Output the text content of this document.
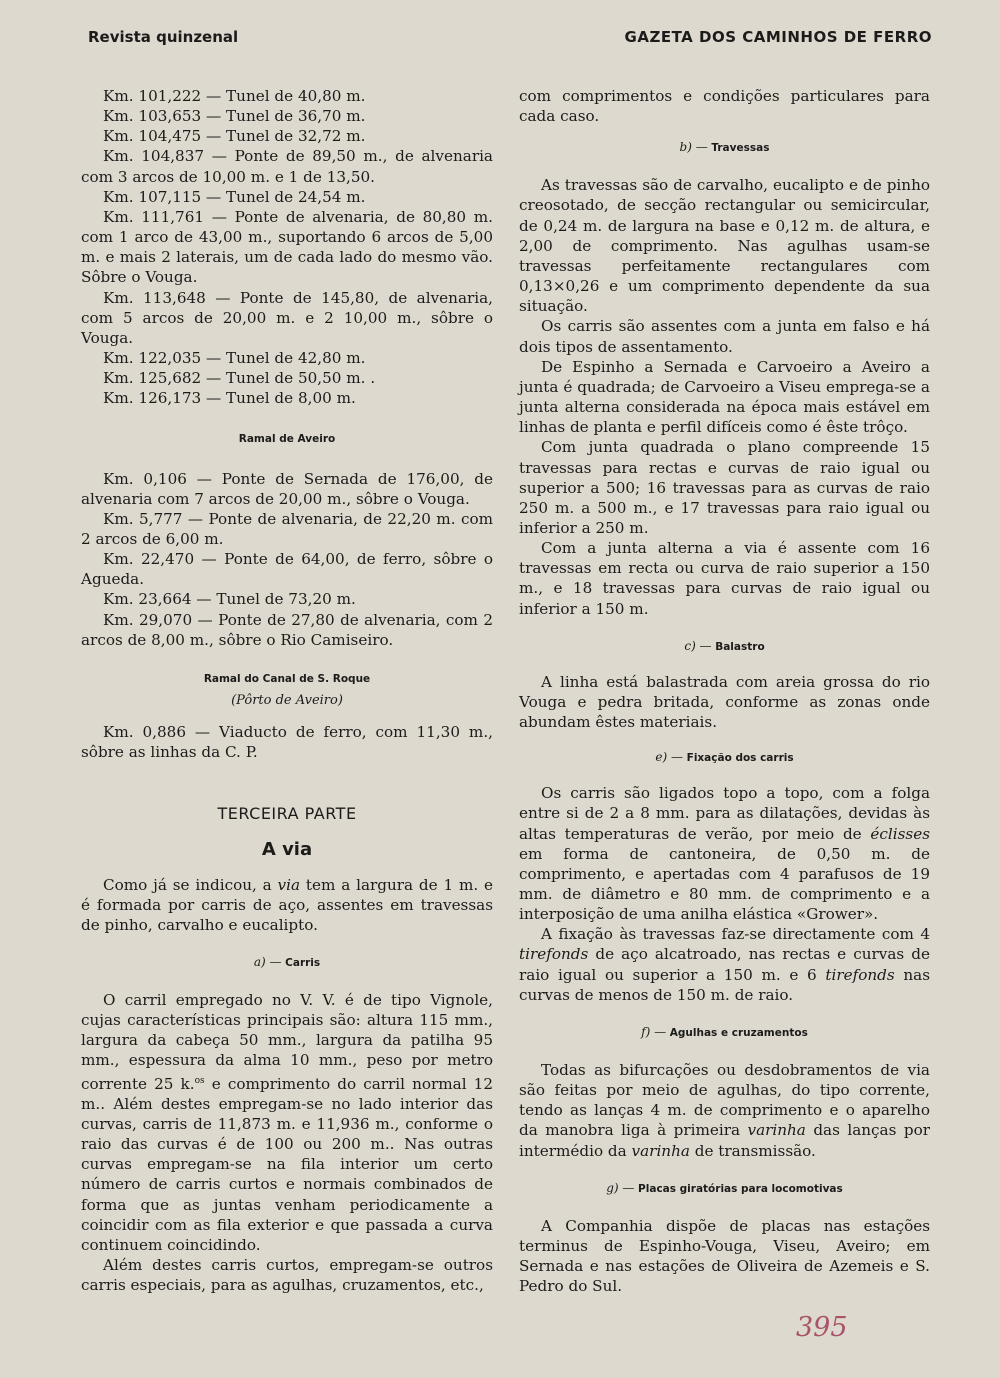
Revista quinzenal	GAZETA DOS CAMINHOS DE FERRO

Km. 101,222 — Tunel de 40,80 m.

Km. 103,653 — Tunel de 36,70 m.

Km. 104,475 — Tunel de 32,72 m.

Km. 104,837 — Ponte de 89,50 m., de alvenaria com 3 arcos de 10,00 m. e 1 de 13,50.

Km. 107,115 — Tunel de 24,54 m.

Km. 111,761 — Ponte de alvenaria, de 80,80 m. com 1 arco de 43,00 m., suportando 6 arcos de 5,00 m. e mais 2 laterais, um de cada lado do mesmo vão. Sôbre o Vouga.

Km. 113,648 — Ponte de 145,80, de alvenaria, com 5 arcos de 20,00 m. e 2 10,00 m., sôbre o Vouga.

Km. 122,035 — Tunel de 42,80 m.

Km. 125,682 — Tunel de 50,50 m. .

Km. 126,173 — Tunel de 8,00 m.

Ramal de Aveiro

Km. 0,106 — Ponte de Sernada de 176,00, de alvenaria com 7 arcos de 20,00 m., sôbre o Vouga.

Km. 5,777 — Ponte de alvenaria, de 22,20 m. com 2 arcos de 6,00 m.

Km. 22,470 — Ponte de 64,00, de ferro, sôbre o Agueda.

Km. 23,664 — Tunel de 73,20 m.

Km. 29,070 — Ponte de 27,80 de alvenaria, com 2 arcos de 8,00 m., sôbre o Rio Camiseiro.

Ramal do Canal de S. Roque
(Pôrto de Aveiro)

Km. 0,886 — Viaducto de ferro, com 11,30 m., sôbre as linhas da C. P.

TERCEIRA PARTE
A via

Como já se indicou, a via tem a largura de 1 m. e é formada por carris de aço, assentes em travessas de pinho, carvalho e eucalipto.

a) — Carris

O carril empregado no V. V. é de tipo Vignole, cujas características principais são: altura 115 mm., largura da cabeça 50 mm., largura da patilha 95 mm., espessura da alma 10 mm., peso por metro corrente 25 k.$^{os}$ e comprimento do carril normal 12 m.. Além destes empregam-se no lado interior das curvas, carris de 11,873 m. e 11,936 m., conforme o raio das curvas é de 100 ou 200 m.. Nas outras curvas empregam-se na fila interior um certo número de carris curtos e normais combinados de forma que as juntas venham periodicamente a coincidir com as fila exterior e que passada a curva continuem coincidindo.

Além destes carris curtos, empregam-se outros carris especiais, para as agulhas, cruzamentos, etc.,

com comprimentos e condições particulares para cada caso.

b) — Travessas

As travessas são de carvalho, eucalipto e de pinho creosotado, de secção rectangular ou semicircular, de 0,24 m. de largura na base e 0,12 m. de altura, e 2,00 de comprimento. Nas agulhas usam-se travessas perfeitamente rectangulares com 0,13×0,26 e um comprimento dependente da sua situação.

Os carris são assentes com a junta em falso e há dois tipos de assentamento.

De Espinho a Sernada e Carvoeiro a Aveiro a junta é quadrada; de Carvoeiro a Viseu emprega-se a junta alterna considerada na época mais estável em linhas de planta e perfil difíceis como é êste trôço.

Com junta quadrada o plano compreende 15 travessas para rectas e curvas de raio igual ou superior a 500; 16 travessas para as curvas de raio 250 m. a 500 m., e 17 travessas para raio igual ou inferior a 250 m.

Com a junta alterna a via é assente com 16 travessas em recta ou curva de raio superior a 150 m., e 18 travessas para curvas de raio igual ou inferior a 150 m.

c) — Balastro

A linha está balastrada com areia grossa do rio Vouga e pedra britada, conforme as zonas onde abundam êstes materiais.

e) — Fixação dos carris

Os carris são ligados topo a topo, com a folga entre si de 2 a 8 mm. para as dilatações, devidas às altas temperaturas de verão, por meio de éclisses em forma de cantoneira, de 0,50 m. de comprimento, e apertadas com 4 parafusos de 19 mm. de diâmetro e 80 mm. de comprimento e a interposição de uma anilha elástica «Grower».

A fixação às travessas faz-se directamente com 4 tirefonds de aço alcatroado, nas rectas e curvas de raio igual ou superior a 150 m. e 6 tirefonds nas curvas de menos de 150 m. de raio.

f) — Agulhas e cruzamentos

Todas as bifurcações ou desdobramentos de via são feitas por meio de agulhas, do tipo corrente, tendo as lanças 4 m. de comprimento e o aparelho da manobra liga à primeira varinha das lanças por intermédio da varinha de transmissão.

g) — Placas giratórias para locomotivas

A Companhia dispõe de placas nas estações terminus de Espinho-Vouga, Viseu, Aveiro; em Sernada e nas estações de Oliveira de Azemeis e S. Pedro do Sul.

395
